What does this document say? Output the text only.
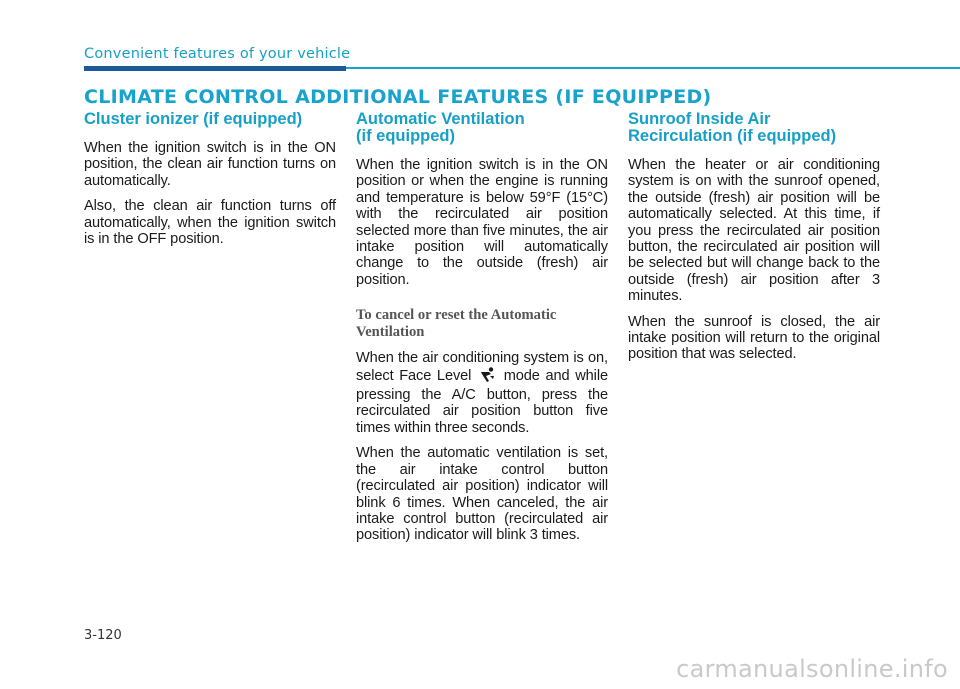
Convenient features of your vehicle
CLIMATE CONTROL ADDITIONAL FEATURES (IF EQUIPPED)
Cluster ionizer (if equipped)

When the ignition switch is in the ON position, the clean air function turns on automatically.

Also, the clean air function turns off automatically, when the ignition switch is in the OFF position.

Automatic Ventilation
(if equipped)

When the ignition switch is in the ON position or when the engine is running and temperature is below 59°F (15°C) with the recirculated air position selected more than five minutes, the air intake position will automatically change to the outside (fresh) air position.

To cancel or reset the Automatic
Ventilation

When the air conditioning system is on, select Face Level mode and while pressing the A/C button, press the recirculated air position button five times within three seconds.

When the automatic ventilation is set, the air intake control button (recirculated air position) indicator will blink 6 times. When canceled, the air intake control button (recirculated air position) indicator will blink 3 times.

Sunroof Inside Air
Recirculation (if equipped)

When the heater or air conditioning system is on with the sunroof opened, the outside (fresh) air position will be automatically selected. At this time, if you press the recirculated air position button, the recirculated air position will be selected but will change back to the outside (fresh) air position after 3 minutes.

When the sunroof is closed, the air intake position will return to the original position that was selected.

3-120
carmanualsonline.info
